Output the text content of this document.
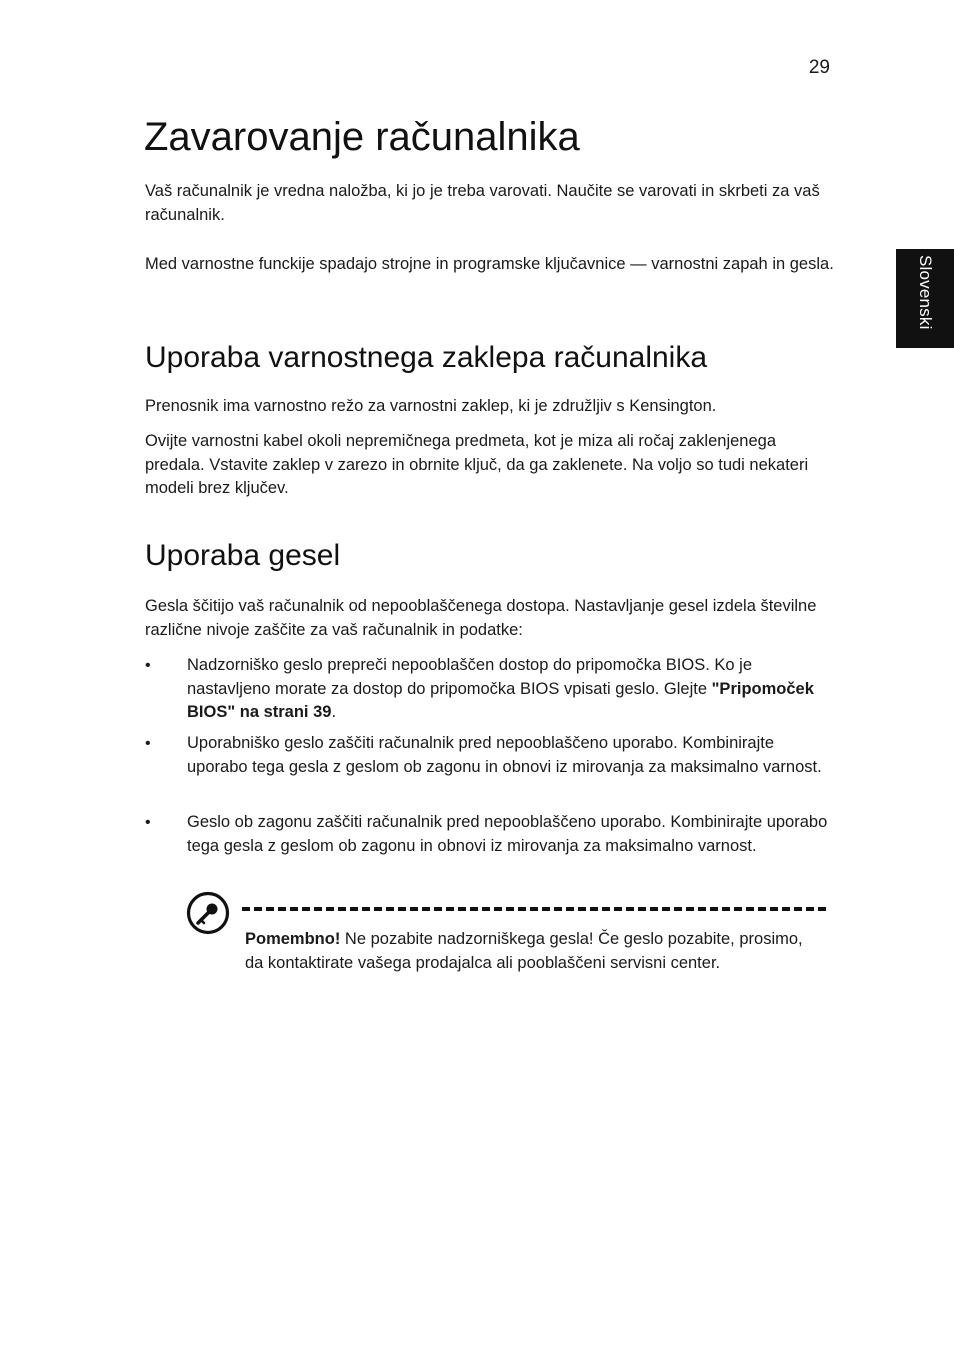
29
Slovenski
Zavarovanje računalnika

Vaš računalnik je vredna naložba, ki jo je treba varovati. Naučite se varovati in skrbeti za vaš računalnik.

Med varnostne funckije spadajo strojne in programske ključavnice — varnostni zapah in gesla.

Uporaba varnostnega zaklepa računalnika

Prenosnik ima varnostno režo za varnostni zaklep, ki je združljiv s Kensington.

Ovijte varnostni kabel okoli nepremičnega predmeta, kot je miza ali ročaj zaklenjenega predala. Vstavite zaklep v zarezo in obrnite ključ, da ga zaklenete. Na voljo so tudi nekateri modeli brez ključev.

Uporaba gesel

Gesla ščitijo vaš računalnik od nepooblaščenega dostopa. Nastavljanje gesel izdela številne različne nivoje zaščite za vaš računalnik in podatke:

• Nadzorniško geslo prepreči nepooblaščen dostop do pripomočka BIOS. Ko je nastavljeno morate za dostop do pripomočka BIOS vpisati geslo. Glejte "Pripomoček BIOS" na strani 39.
• Uporabniško geslo zaščiti računalnik pred nepooblaščeno uporabo. Kombinirajte uporabo tega gesla z geslom ob zagonu in obnovi iz mirovanja za maksimalno varnost.
• Geslo ob zagonu zaščiti računalnik pred nepooblaščeno uporabo. Kombinirajte uporabo tega gesla z geslom ob zagonu in obnovi iz mirovanja za maksimalno varnost.

Pomembno! Ne pozabite nadzorniškega gesla! Če geslo pozabite, prosimo, da kontaktirate vašega prodajalca ali pooblaščeni servisni center.
